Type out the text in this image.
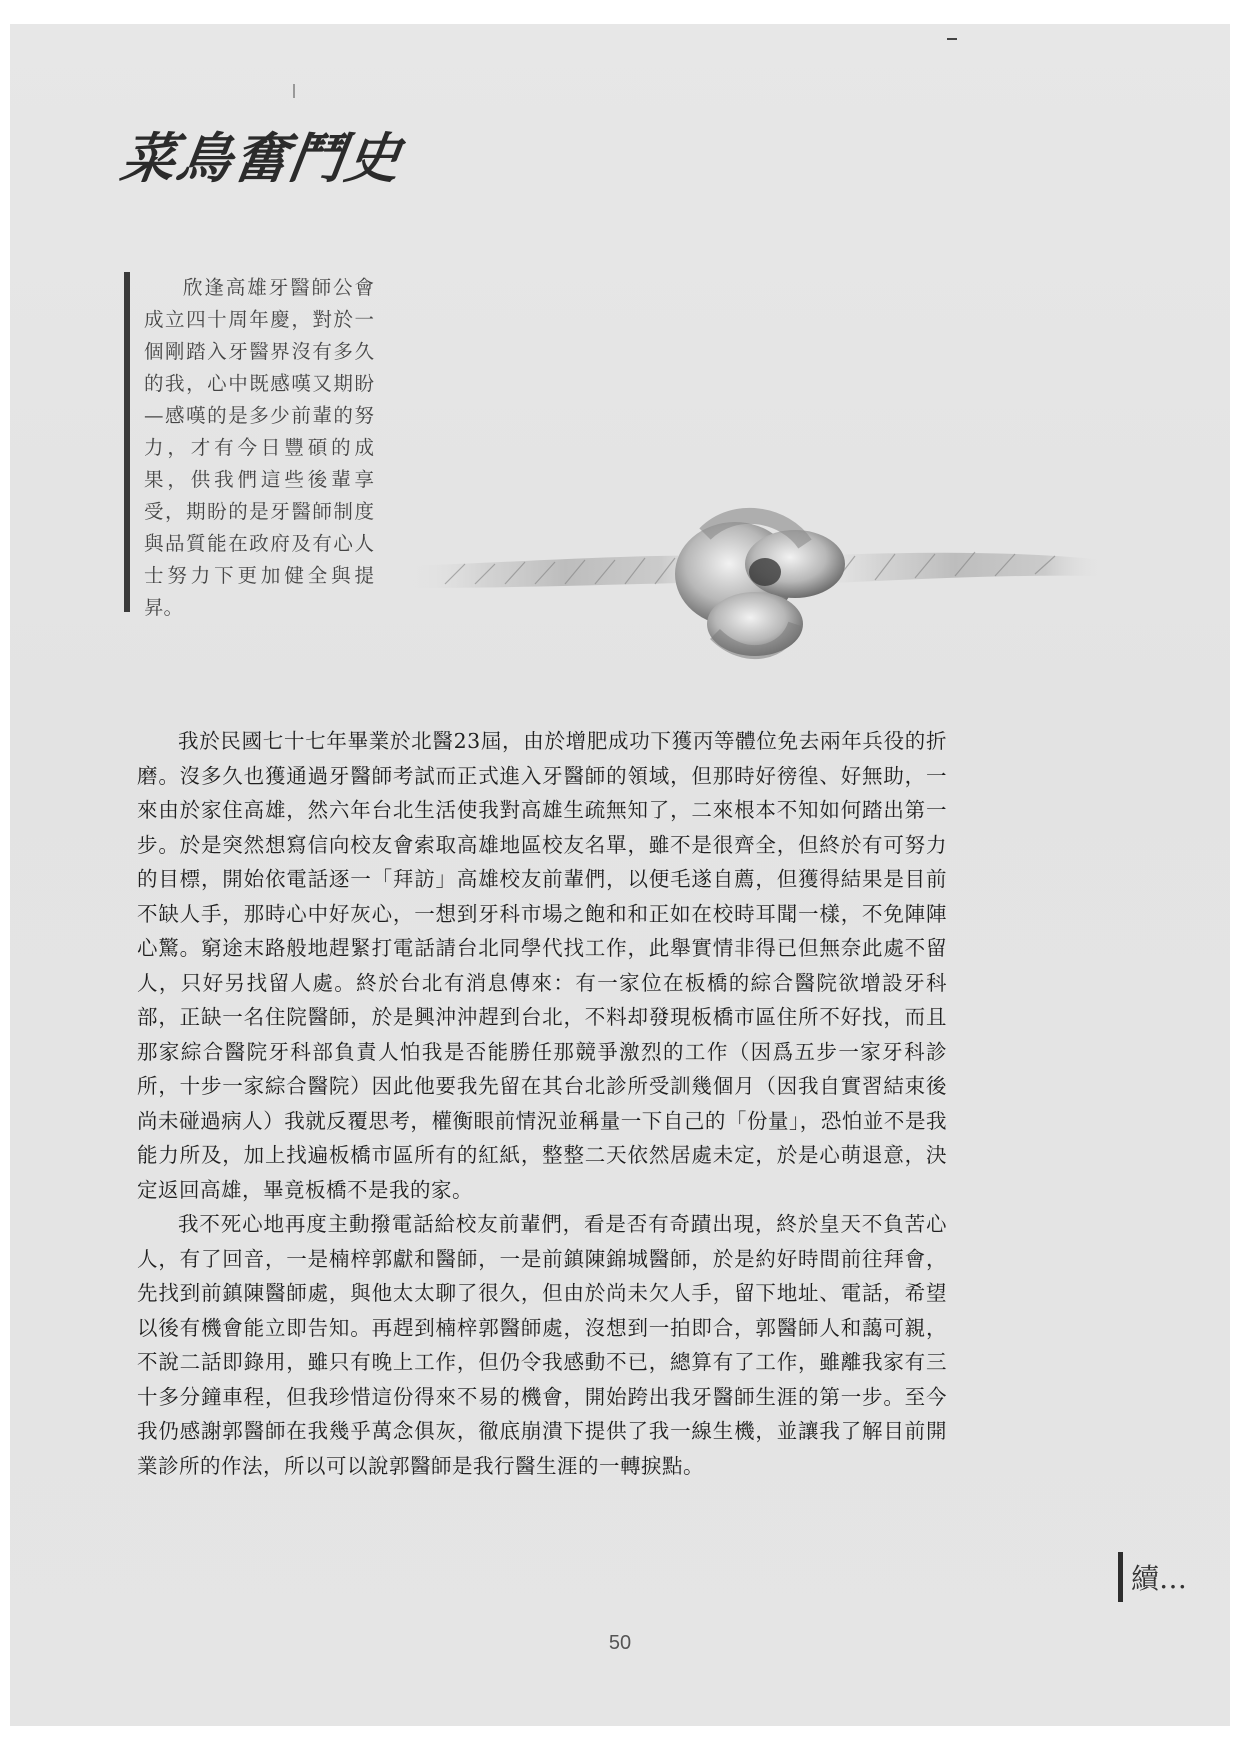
菜鳥奮鬥史

欣逢高雄牙醫師公會成立四十周年慶，對於一個剛踏入牙醫界沒有多久的我，心中既感嘆又期盼—感嘆的是多少前輩的努力，才有今日豐碩的成果，供我們這些後輩享受，期盼的是牙醫師制度與品質能在政府及有心人士努力下更加健全與提昇。

我於民國七十七年畢業於北醫23屆，由於增肥成功下獲丙等體位免去兩年兵役的折磨。沒多久也獲通過牙醫師考試而正式進入牙醫師的領域，但那時好徬徨、好無助，一來由於家住高雄，然六年台北生活使我對高雄生疏無知了，二來根本不知如何踏出第一步。於是突然想寫信向校友會索取高雄地區校友名單，雖不是很齊全，但終於有可努力的目標，開始依電話逐一「拜訪」高雄校友前輩們，以便毛遂自薦，但獲得結果是目前不缺人手，那時心中好灰心，一想到牙科市場之飽和和正如在校時耳聞一樣，不免陣陣心驚。窮途末路般地趕緊打電話請台北同學代找工作，此舉實情非得已但無奈此處不留人，只好另找留人處。終於台北有消息傳來：有一家位在板橋的綜合醫院欲增設牙科部，正缺一名住院醫師，於是興沖沖趕到台北，不料却發現板橋市區住所不好找，而且那家綜合醫院牙科部負責人怕我是否能勝任那競爭激烈的工作（因爲五步一家牙科診所，十步一家綜合醫院）因此他要我先留在其台北診所受訓幾個月（因我自實習結束後尚未碰過病人）我就反覆思考，權衡眼前情況並稱量一下自己的「份量」，恐怕並不是我能力所及，加上找遍板橋市區所有的紅紙，整整二天依然居處未定，於是心萌退意，決定返回高雄，畢竟板橋不是我的家。

我不死心地再度主動撥電話給校友前輩們，看是否有奇蹟出現，終於皇天不負苦心人，有了回音，一是楠梓郭獻和醫師，一是前鎮陳錦城醫師，於是約好時間前往拜會，先找到前鎮陳醫師處，與他太太聊了很久，但由於尚未欠人手，留下地址、電話，希望以後有機會能立即告知。再趕到楠梓郭醫師處，沒想到一拍即合，郭醫師人和藹可親，不說二話即錄用，雖只有晚上工作，但仍令我感動不已，總算有了工作，雖離我家有三十多分鐘車程，但我珍惜這份得來不易的機會，開始跨出我牙醫師生涯的第一步。至今我仍感謝郭醫師在我幾乎萬念俱灰，徹底崩潰下提供了我一線生機，並讓我了解目前開業診所的作法，所以可以說郭醫師是我行醫生涯的一轉捩點。

續…
50
